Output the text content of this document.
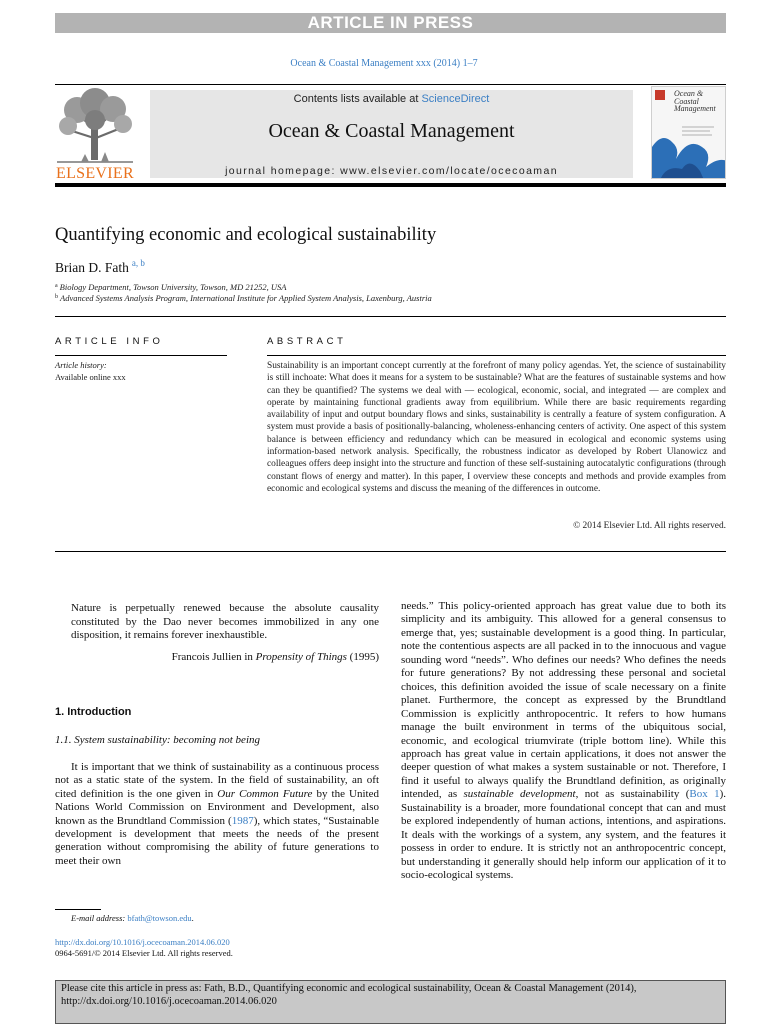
ARTICLE IN PRESS
Ocean & Coastal Management xxx (2014) 1–7
ELSEVIER
Contents lists available at ScienceDirect
Ocean & Coastal Management
journal homepage: www.elsevier.com/locate/ocecoaman
Ocean & Coastal Management
Quantifying economic and ecological sustainability
Brian D. Fath $^{a, b}$
$^a$ Biology Department, Towson University, Towson, MD 21252, USA
$^b$ Advanced Systems Analysis Program, International Institute for Applied System Analysis, Laxenburg, Austria
ARTICLE INFO	ABSTRACT
Article history:
Available online xxx
Sustainability is an important concept currently at the forefront of many policy agendas. Yet, the science of sustainability is still inchoate: What does it means for a system to be sustainable? What are the features of sustainable systems and how can they be quantified? The systems we deal with — ecological, economic, social, and integrated — are complex and operate by maintaining functional gradients away from equilibrium. While there are basic requirements regarding availability of input and output boundary flows and sinks, sustainability is centrally a feature of system configuration. A system must provide a basis of positionally-balancing, wholeness-enhancing centers of activity. One aspect of this system balance is between efficiency and redundancy which can be measured in ecological and economic systems using information-based network analysis. Specifically, the robustness indicator as developed by Robert Ulanowicz and colleagues offers deep insight into the structure and function of these self-sustaining autocatalytic configurations (through constant flows of energy and matter). In this paper, I overview these concepts and methods and provide examples from economic and ecological systems and discuss the meaning of the differences in outcome.
© 2014 Elsevier Ltd. All rights reserved.
Nature is perpetually renewed because the absolute causality constituted by the Dao never becomes immobilized in any one disposition, it remains forever inexhaustible.
Francois Jullien in Propensity of Things (1995)
1. Introduction
1.1. System sustainability: becoming not being
It is important that we think of sustainability as a continuous process not as a static state of the system. In the field of sustainability, an oft cited definition is the one given in Our Common Future by the United Nations World Commission on Environment and Development, also known as the Brundtland Commission (1987), which states, “Sustainable development is development that meets the needs of the present generation without compromising the ability of future generations to meet their own
needs.” This policy-oriented approach has great value due to both its simplicity and its ambiguity. This allowed for a general consensus to emerge that, yes; sustainable development is a good thing. In particular, note the contentious aspects are all packed in to the innocuous and vague sounding word “needs”. Who defines our needs? Who defines the needs for future generations? By not addressing these personal and societal choices, this definition avoided the issue of scale necessary on a finite planet. Furthermore, the concept as expressed by the Brundtland Commission is explicitly anthropocentric. It refers to how humans manage the built environment in terms of the ubiquitous social, economic, and ecological triumvirate (triple bottom line). While this approach has great value in certain applications, it does not answer the deeper question of what makes a system sustainable or not. Therefore, I find it useful to always qualify the Brundtland definition, as originally intended, as sustainable development, not as sustainability (Box 1). Sustainability is a broader, more foundational concept that can and must be explored independently of human actions, intentions, and aspirations. It deals with the workings of a system, any system, and the features it possess in order to endure. It is strictly not an anthropocentric concept, but understanding it generally should help inform our application of it to socio-ecological systems.
E-mail address: bfath@towson.edu.
http://dx.doi.org/10.1016/j.ocecoaman.2014.06.020
0964-5691/© 2014 Elsevier Ltd. All rights reserved.
Please cite this article in press as: Fath, B.D., Quantifying economic and ecological sustainability, Ocean & Coastal Management (2014), http://dx.doi.org/10.1016/j.ocecoaman.2014.06.020
